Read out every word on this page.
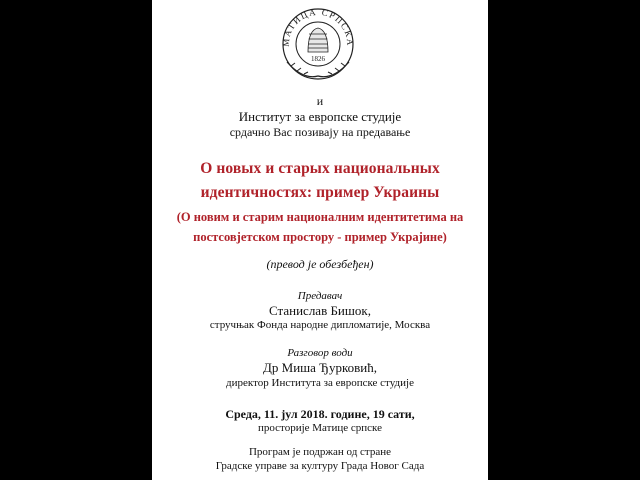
МАТИЦА СРПСКА
1826
и
Институт за европске студије
срдачно Вас позивају на предавање
О новых и старых национальных
идентичностях: пример Украины
(О новим и старим националним идентитетима на
постсовјетском простору - пример Украјине)
(превод је обезбеђен)
Предавач
Станислав Бишок,
стручњак Фонда народне дипломатије, Москва
Разговор води
Др Миша Ђурковић,
директор Института за европске студије
Среда, 11. јул 2018. године, 19 сати,
просторије Матице српске
Програм је подржан од стране
Градске управе за културу Града Новог Сада
